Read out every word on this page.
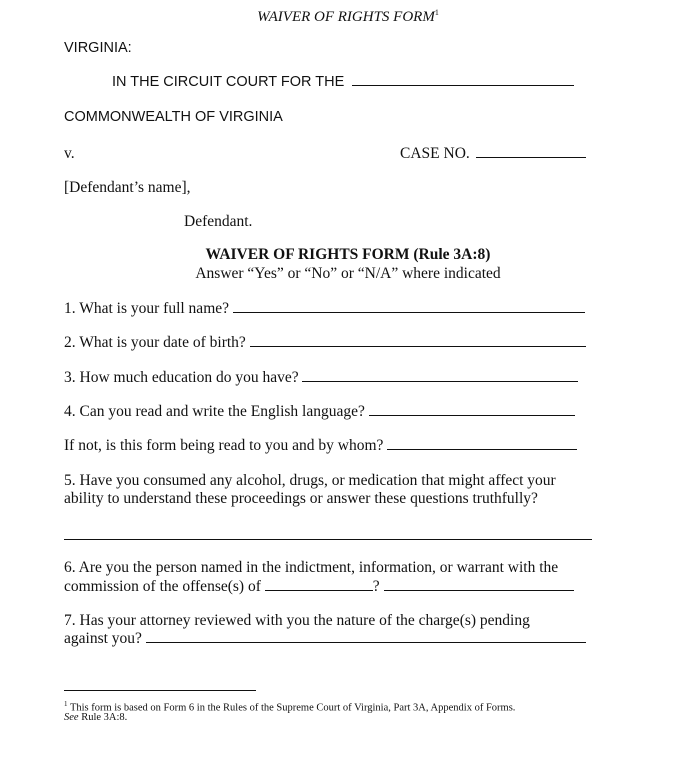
WAIVER OF RIGHTS FORM$^1$
VIRGINIA:
IN THE CIRCUIT COURT FOR THE
COMMONWEALTH OF VIRGINIA
v.	CASE NO.
[Defendant’s name],
Defendant.
WAIVER OF RIGHTS FORM (Rule 3A:8)
Answer “Yes” or “No” or “N/A” where indicated
1. What is your full name?
2. What is your date of birth?
3. How much education do you have?
4. Can you read and write the English language?
If not, is this form being read to you and by whom?
5. Have you consumed any alcohol, drugs, or medication that might affect your
ability to understand these proceedings or answer these questions truthfully?
6. Are you the person named in the indictment, information, or warrant with the
commission of the offense(s) of	?
7. Has your attorney reviewed with you the nature of the charge(s) pending
against you?
$^1$ This form is based on Form 6 in the Rules of the Supreme Court of Virginia, Part 3A, Appendix of Forms.
See Rule 3A:8.
